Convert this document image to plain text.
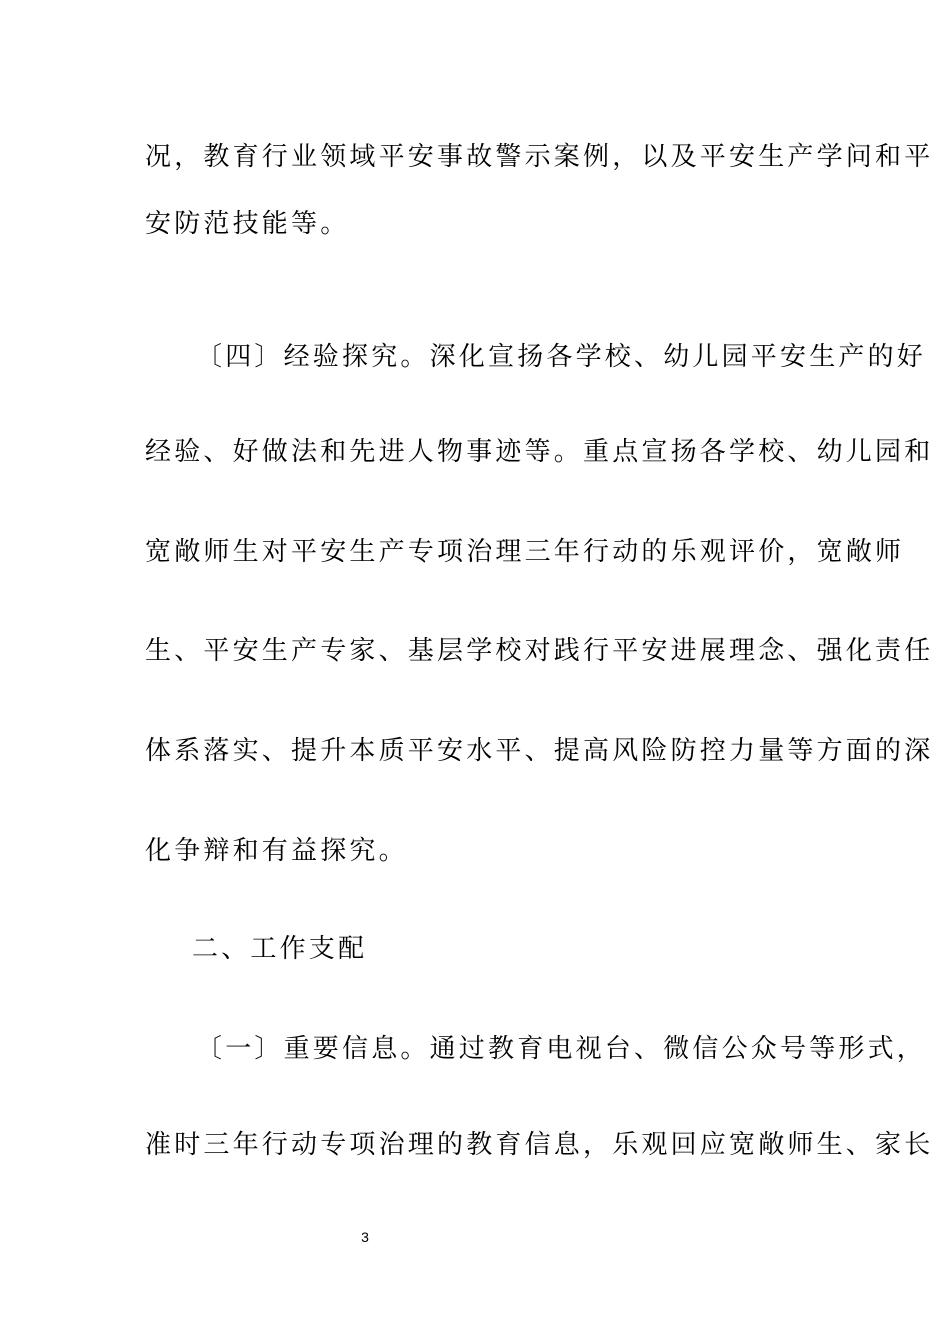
况，教育行业领域平安事故警示案例，以及平安生产学问和平
安防范技能等。
〔四〕经验探究。深化宣扬各学校、幼儿园平安生产的好
经验、好做法和先进人物事迹等。重点宣扬各学校、幼儿园和
宽敞师生对平安生产专项治理三年行动的乐观评价，宽敞师
生、平安生产专家、基层学校对践行平安进展理念、强化责任
体系落实、提升本质平安水平、提高风险防控力量等方面的深
化争辩和有益探究。
二、工作支配
〔一〕重要信息。通过教育电视台、微信公众号等形式，
准时三年行动专项治理的教育信息，乐观回应宽敞师生、家长
3
